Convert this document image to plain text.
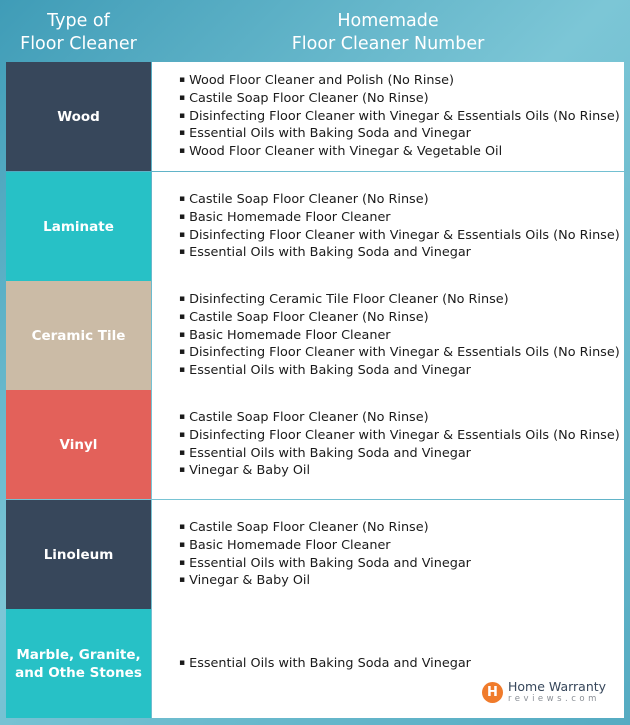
Type of
Floor Cleaner
Homemade
Floor Cleaner Number
Wood
▪ Wood Floor Cleaner and Polish (No Rinse)
▪ Castile Soap Floor Cleaner (No Rinse)
▪ Disinfecting Floor Cleaner with Vinegar & Essentials Oils (No Rinse)
▪ Essential Oils with Baking Soda and Vinegar
▪ Wood Floor Cleaner with Vinegar & Vegetable Oil
Laminate
▪ Castile Soap Floor Cleaner (No Rinse)
▪ Basic Homemade Floor Cleaner
▪ Disinfecting Floor Cleaner with Vinegar & Essentials Oils (No Rinse)
▪ Essential Oils with Baking Soda and Vinegar
Ceramic Tile
▪ Disinfecting Ceramic Tile Floor Cleaner (No Rinse)
▪ Castile Soap Floor Cleaner (No Rinse)
▪ Basic Homemade Floor Cleaner
▪ Disinfecting Floor Cleaner with Vinegar & Essentials Oils (No Rinse)
▪ Essential Oils with Baking Soda and Vinegar
Vinyl
▪ Castile Soap Floor Cleaner (No Rinse)
▪ Disinfecting Floor Cleaner with Vinegar & Essentials Oils (No Rinse)
▪ Essential Oils with Baking Soda and Vinegar
▪ Vinegar & Baby Oil
Linoleum
▪ Castile Soap Floor Cleaner (No Rinse)
▪ Basic Homemade Floor Cleaner
▪ Essential Oils with Baking Soda and Vinegar
▪ Vinegar & Baby Oil
Marble, Granite,
and Othe Stones
▪ Essential Oils with Baking Soda and Vinegar
H Home Warranty
reviews.com
